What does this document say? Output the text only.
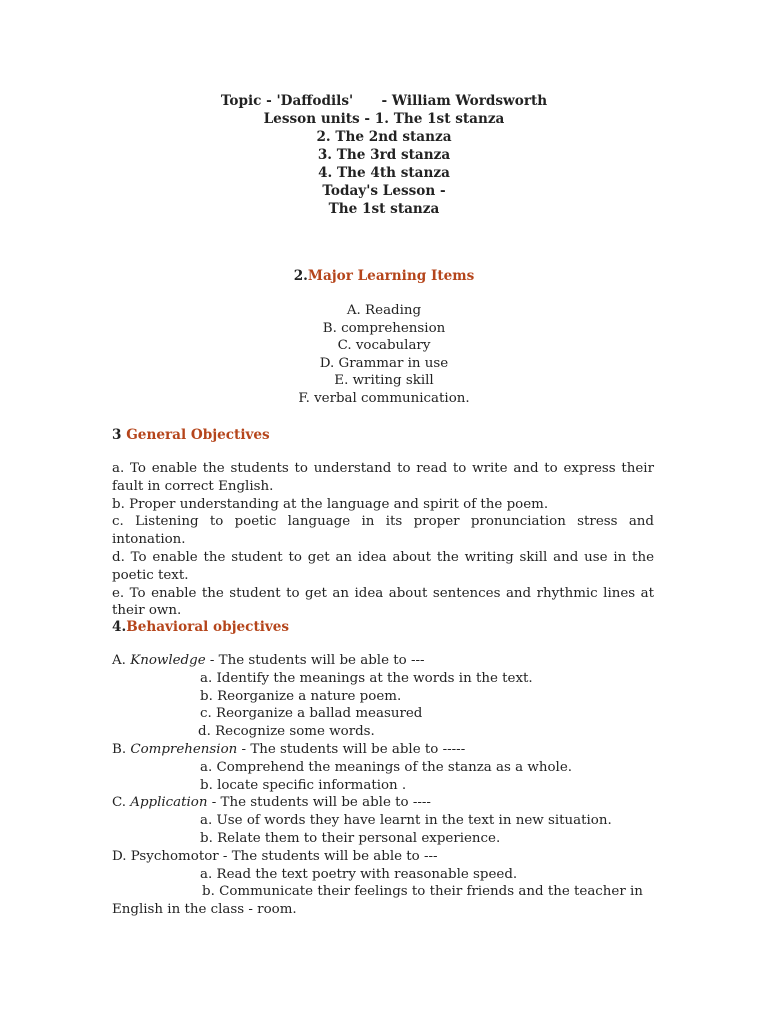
Topic - 'Daffodils'      - William Wordsworth
Lesson units - 1. The 1st stanza
2. The 2nd stanza
3. The 3rd stanza
4. The 4th stanza
Today's Lesson -
The 1st stanza
2.Major Learning Items
A. Reading
B. comprehension
C. vocabulary
D. Grammar in use
E. writing skill
F. verbal communication.
3 General Objectives
a. To enable the students to understand to read to write and to express their fault in correct English.
b. Proper understanding at the language and spirit of the poem.
c. Listening to poetic language in its proper pronunciation stress and intonation.
d. To enable the student to get an idea about the writing skill and use in the poetic text.
e. To enable the student to get an idea about sentences and rhythmic lines at their own.
4.Behavioral objectives
A. Knowledge - The students will be able to ---
a. Identify the meanings at the words in the text.
b. Reorganize a nature poem.
c. Reorganize a ballad measured
d. Recognize some words.
B. Comprehension - The students will be able to -----
a. Comprehend the meanings of the stanza as a whole.
b. locate specific information .
C. Application - The students will be able to ----
a. Use of words they have learnt in the text in new situation.
b. Relate them to their personal experience.
D. Psychomotor - The students will be able to ---
a. Read the text poetry with reasonable speed.
b. Communicate their feelings to their friends and the teacher in
English in the class - room.
